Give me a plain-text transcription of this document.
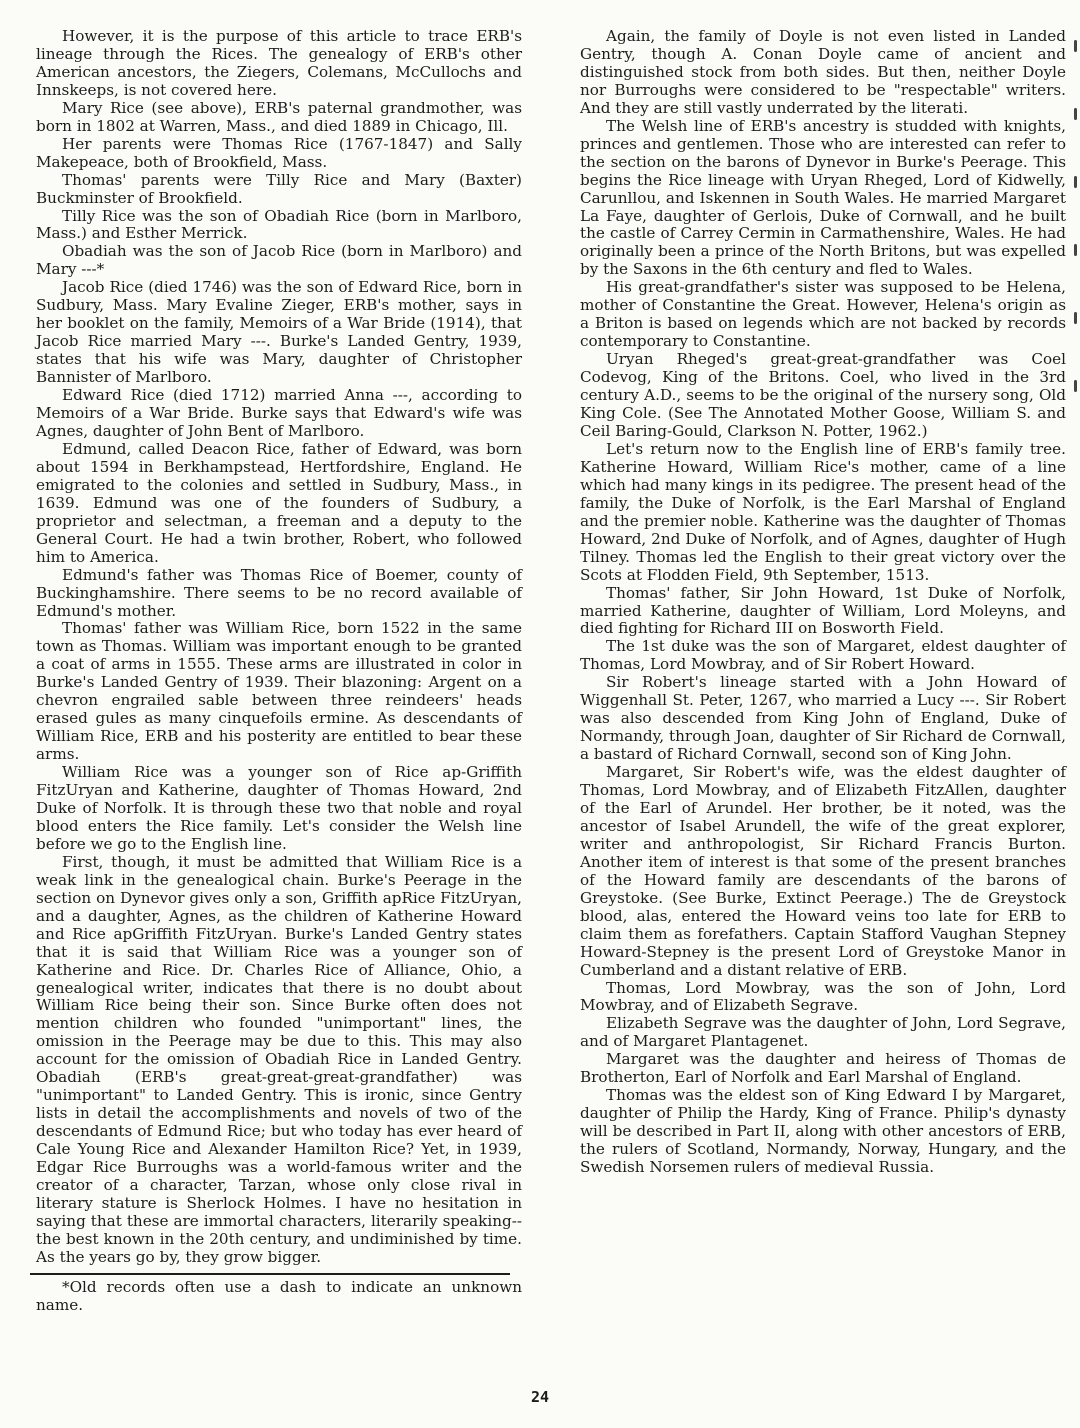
However, it is the purpose of this article to trace ERB's lineage through the Rices. The genealogy of ERB's other American ancestors, the Ziegers, Colemans, McCullochs and Innskeeps, is not covered here.

Mary Rice (see above), ERB's paternal grandmother, was born in 1802 at Warren, Mass., and died 1889 in Chicago, Ill.

Her parents were Thomas Rice (1767-1847) and Sally Makepeace, both of Brookfield, Mass.

Thomas' parents were Tilly Rice and Mary (Baxter) Buckminster of Brookfield.

Tilly Rice was the son of Obadiah Rice (born in Marlboro, Mass.) and Esther Merrick.

Obadiah was the son of Jacob Rice (born in Marlboro) and Mary ---*

Jacob Rice (died 1746) was the son of Edward Rice, born in Sudbury, Mass. Mary Evaline Zieger, ERB's mother, says in her booklet on the family, Memoirs of a War Bride (1914), that Jacob Rice married Mary ---. Burke's Landed Gentry, 1939, states that his wife was Mary, daughter of Christopher Bannister of Marlboro.

Edward Rice (died 1712) married Anna ---, according to Memoirs of a War Bride. Burke says that Edward's wife was Agnes, daughter of John Bent of Marlboro.

Edmund, called Deacon Rice, father of Edward, was born about 1594 in Berkhampstead, Hertfordshire, England. He emigrated to the colonies and settled in Sudbury, Mass., in 1639. Edmund was one of the founders of Sudbury, a proprietor and selectman, a freeman and a deputy to the General Court. He had a twin brother, Robert, who followed him to America.

Edmund's father was Thomas Rice of Boemer, county of Buckinghamshire. There seems to be no record available of Edmund's mother.

Thomas' father was William Rice, born 1522 in the same town as Thomas. William was important enough to be granted a coat of arms in 1555. These arms are illustrated in color in Burke's Landed Gentry of 1939. Their blazoning: Argent on a chevron engrailed sable between three reindeers' heads erased gules as many cinquefoils ermine. As descendants of William Rice, ERB and his posterity are entitled to bear these arms.

William Rice was a younger son of Rice ap-Griffith FitzUryan and Katherine, daughter of Thomas Howard, 2nd Duke of Norfolk. It is through these two that noble and royal blood enters the Rice family. Let's consider the Welsh line before we go to the English line.

First, though, it must be admitted that William Rice is a weak link in the genealogical chain. Burke's Peerage in the section on Dynevor gives only a son, Griffith apRice FitzUryan, and a daughter, Agnes, as the children of Katherine Howard and Rice apGriffith FitzUryan. Burke's Landed Gentry states that it is said that William Rice was a younger son of Katherine and Rice. Dr. Charles Rice of Alliance, Ohio, a genealogical writer, indicates that there is no doubt about William Rice being their son. Since Burke often does not mention children who founded "unimportant" lines, the omission in the Peerage may be due to this. This may also account for the omission of Obadiah Rice in Landed Gentry. Obadiah (ERB's great-great-great-grandfather) was "unimportant" to Landed Gentry. This is ironic, since Gentry lists in detail the accomplishments and novels of two of the descendants of Edmund Rice; but who today has ever heard of Cale Young Rice and Alexander Hamilton Rice? Yet, in 1939, Edgar Rice Burroughs was a world-famous writer and the creator of a character, Tarzan, whose only close rival in literary stature is Sherlock Holmes. I have no hesitation in saying that these are immortal characters, literarily speaking--the best known in the 20th century, and undiminished by time. As the years go by, they grow bigger.

*Old records often use a dash to indicate an unknown name.

Again, the family of Doyle is not even listed in Landed Gentry, though A. Conan Doyle came of ancient and distinguished stock from both sides. But then, neither Doyle nor Burroughs were considered to be "respectable" writers. And they are still vastly underrated by the literati.

The Welsh line of ERB's ancestry is studded with knights, princes and gentlemen. Those who are interested can refer to the section on the barons of Dynevor in Burke's Peerage. This begins the Rice lineage with Uryan Rheged, Lord of Kidwelly, Carunllou, and Iskennen in South Wales. He married Margaret La Faye, daughter of Gerlois, Duke of Cornwall, and he built the castle of Carrey Cermin in Carmathenshire, Wales. He had originally been a prince of the North Britons, but was expelled by the Saxons in the 6th century and fled to Wales.

His great-grandfather's sister was supposed to be Helena, mother of Constantine the Great. However, Helena's origin as a Briton is based on legends which are not backed by records contemporary to Constantine.

Uryan Rheged's great-great-grandfather was Coel Codevog, King of the Britons. Coel, who lived in the 3rd century A.D., seems to be the original of the nursery song, Old King Cole. (See The Annotated Mother Goose, William S. and Ceil Baring-Gould, Clarkson N. Potter, 1962.)

Let's return now to the English line of ERB's family tree. Katherine Howard, William Rice's mother, came of a line which had many kings in its pedigree. The present head of the family, the Duke of Norfolk, is the Earl Marshal of England and the premier noble. Katherine was the daughter of Thomas Howard, 2nd Duke of Norfolk, and of Agnes, daughter of Hugh Tilney. Thomas led the English to their great victory over the Scots at Flodden Field, 9th September, 1513.

Thomas' father, Sir John Howard, 1st Duke of Norfolk, married Katherine, daughter of William, Lord Moleyns, and died fighting for Richard III on Bosworth Field.

The 1st duke was the son of Margaret, eldest daughter of Thomas, Lord Mowbray, and of Sir Robert Howard.

Sir Robert's lineage started with a John Howard of Wiggenhall St. Peter, 1267, who married a Lucy ---. Sir Robert was also descended from King John of England, Duke of Normandy, through Joan, daughter of Sir Richard de Cornwall, a bastard of Richard Cornwall, second son of King John.

Margaret, Sir Robert's wife, was the eldest daughter of Thomas, Lord Mowbray, and of Elizabeth FitzAllen, daughter of the Earl of Arundel. Her brother, be it noted, was the ancestor of Isabel Arundell, the wife of the great explorer, writer and anthropologist, Sir Richard Francis Burton. Another item of interest is that some of the present branches of the Howard family are descendants of the barons of Greystoke. (See Burke, Extinct Peerage.) The de Greystock blood, alas, entered the Howard veins too late for ERB to claim them as forefathers. Captain Stafford Vaughan Stepney Howard-Stepney is the present Lord of Greystoke Manor in Cumberland and a distant relative of ERB.

Thomas, Lord Mowbray, was the son of John, Lord Mowbray, and of Elizabeth Segrave.

Elizabeth Segrave was the daughter of John, Lord Segrave, and of Margaret Plantagenet.

Margaret was the daughter and heiress of Thomas de Brotherton, Earl of Norfolk and Earl Marshal of England.

Thomas was the eldest son of King Edward I by Margaret, daughter of Philip the Hardy, King of France. Philip's dynasty will be described in Part II, along with other ancestors of ERB, the rulers of Scotland, Normandy, Norway, Hungary, and the Swedish Norsemen rulers of medieval Russia.

24
